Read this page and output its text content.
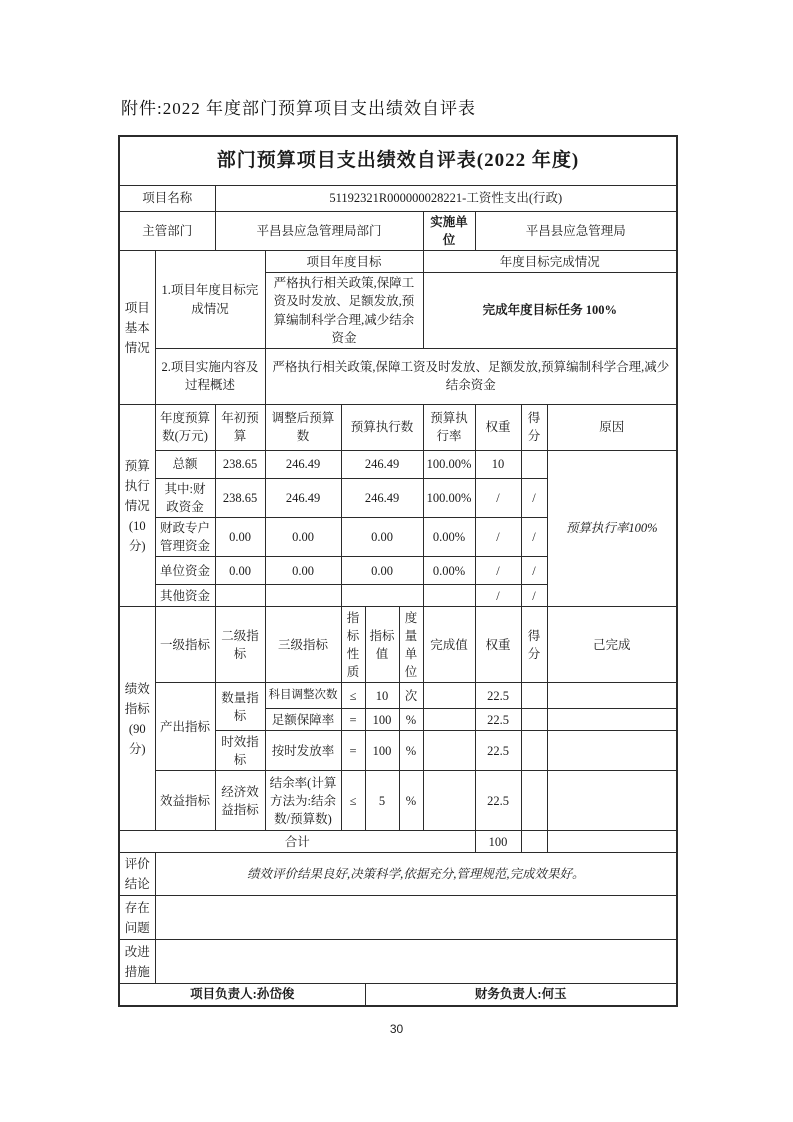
附件:2022 年度部门预算项目支出绩效自评表
部门预算项目支出绩效自评表(2022 年度)										
项目名称		51192321R000000028221-工资性支出(行政)								
主管部门		平昌县应急管理局部门					实施单位	平昌县应急管理局		
项目基本情况	1.项目年度目标完成情况		项目年度目标				年度目标完成情况			
			严格执行相关政策,保障工资及时发放、足额发放,预算编制科学合理,减少结余资金				完成年度目标任务 100%			
	2.项目实施内容及过程概述		严格执行相关政策,保障工资及时发放、足额发放,预算编制科学合理,减少结余资金							
预算执行情况(10分)	年度预算数(万元)	年初预算	调整后预算数	预算执行数			预算执行率	权重	得分	原因
	总额	238.65	246.49	246.49			100.00%	10		预算执行率100%
	其中:财政资金	238.65	246.49	246.49			100.00%	/	/	
	财政专户管理资金	0.00	0.00	0.00			0.00%	/	/	
	单位资金	0.00	0.00	0.00			0.00%	/	/	
	其他资金							/	/	
绩效指标(90分)	一级指标	二级指标	三级指标	指标性质	指标值	度量单位	完成值	权重	得分	己完成
	产出指标	数量指标	科目调整次数	≤	10	次		22.5		
			足额保障率	=	100	%		22.5		
		时效指标	按时发放率	=	100	%		22.5		
	效益指标	经济效益指标	结余率(计算方法为:结余数/预算数)	≤	5	%		22.5		
合计								100		
评价结论	绩效评价结果良好,决策科学,依据充分,管理规范,完成效果好。									
存在问题										
改进措施										
项目负责人:孙岱俊					财务负责人:何玉					
30
